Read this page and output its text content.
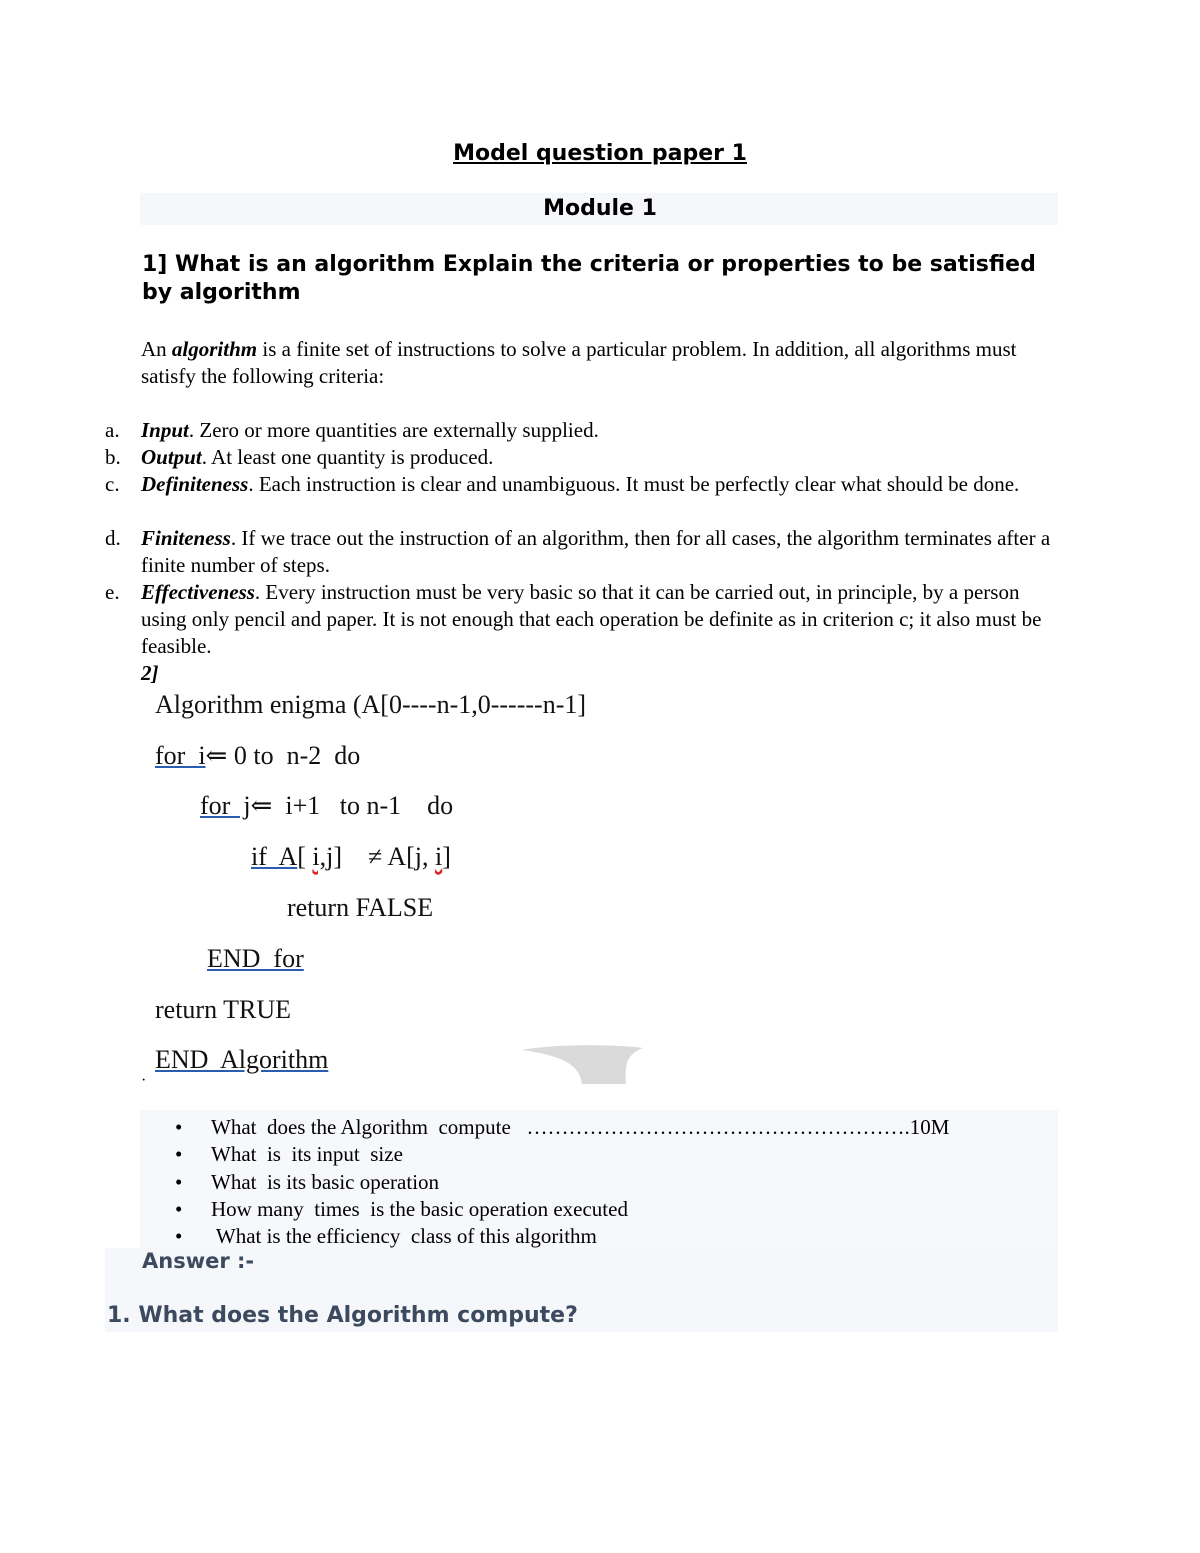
Model question paper 1
Module 1
1] What is an algorithm Explain the criteria or properties to be satisfied by algorithm
An algorithm is a finite set of instructions to solve a particular problem. In addition, all algorithms must satisfy the following criteria:
a.	Input. Zero or more quantities are externally supplied.
b. Output. At least one quantity is produced.
c.	Definiteness. Each instruction is clear and unambiguous. It must be perfectly clear what should be done.
d. Finiteness. If we trace out the instruction of an algorithm, then for all cases, the algorithm terminates after a finite number of steps.
e.	Effectiveness. Every instruction must be very basic so that it can be carried out, in principle, by a person using only pencil and paper. It is not enough that each operation be definite as in criterion c; it also must be feasible.
2]
Algorithm enigma (A[0----n-1,0------n-1]
for  i⇐ 0 to  n-2  do
for  j⇐  i+1   to n-1    do
if  A[ i,j]    ≠ A[j, i]
return FALSE
END  for
return TRUE
END  Algorithm
·
• What  does the Algorithm  compute   ……………………………………………….10M
• What  is  its input  size
• What  is its basic operation
• How many  times  is the basic operation executed
• What is the efficiency  class of this algorithm
Answer :-
1. What does the Algorithm compute?
